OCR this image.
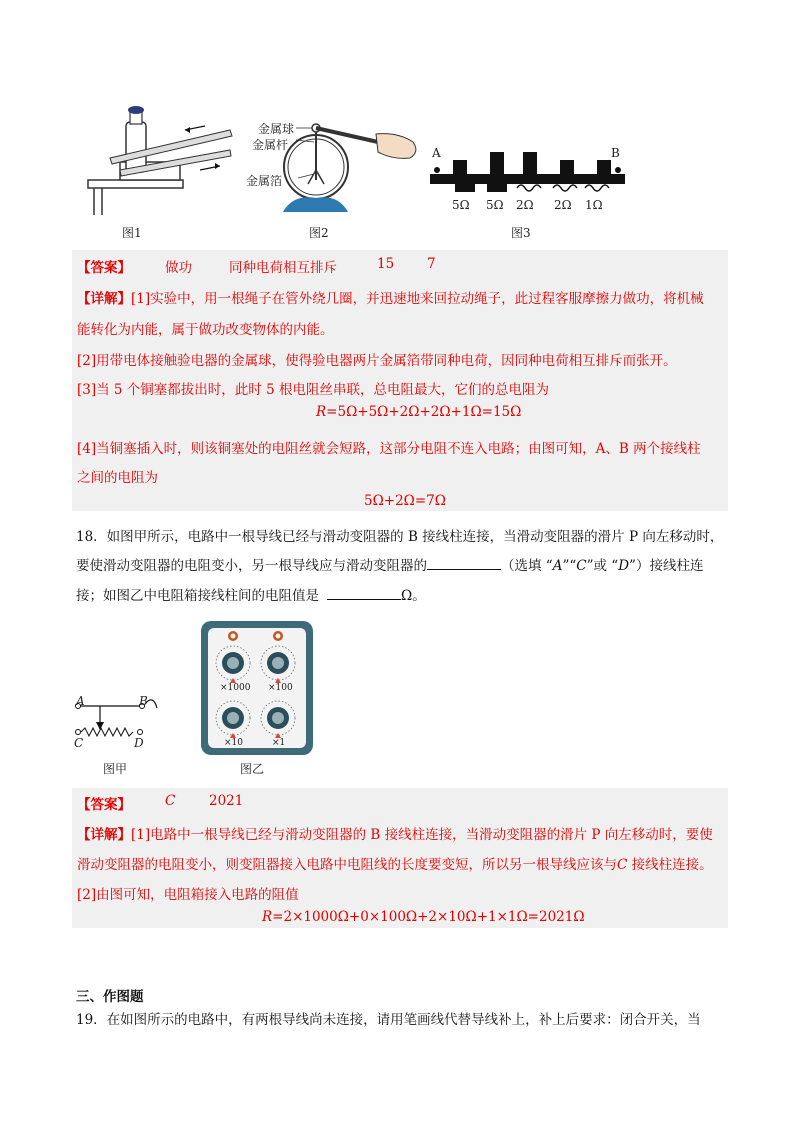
图1
金属球
金属杆
金属箔
图2
A	B
5Ω 5Ω 2Ω 2Ω 1Ω
图3
【答案】	做功	同种电荷相互排斥	15 7
【详解】[1]实验中，用一根绳子在管外绕几圈，并迅速地来回拉动绳子，此过程客服摩擦力做功，将机械
能转化为内能，属于做功改变物体的内能。
[2]用带电体接触验电器的金属球，使得验电器两片金属箔带同种电荷，因同种电荷相互排斥而张开。
[3]当 5 个铜塞都拔出时，此时 5 根电阻丝串联，总电阻最大，它们的总电阻为
R=5Ω+5Ω+2Ω+2Ω+1Ω=15Ω
[4]当铜塞插入时，则该铜塞处的电阻丝就会短路，这部分电阻不连入电路；由图可知，A、B 两个接线柱
之间的电阻为
5Ω+2Ω=7Ω
18．如图甲所示，电路中一根导线已经与滑动变阻器的 B 接线柱连接，当滑动变阻器的滑片 P 向左移动时，
要使滑动变阻器的电阻变小，另一根导线应与滑动变阻器的	（选填 “A”“C”或 “D”）接线柱连
接；如图乙中电阻箱接线柱间的电阻值是	Ω。
A	B
C	D
图甲
×1000 ×100
×10	×1
图乙
【答案】	C 2021
【详解】[1]电路中一根导线已经与滑动变阻器的 B 接线柱连接，当滑动变阻器的滑片 P 向左移动时，要使
滑动变阻器的电阻变小，则变阻器接入电路中电阻线的长度要变短，所以另一根导线应该与C 接线柱连接。
[2]由图可知，电阻箱接入电路的阻值
R=2×1000Ω+0×100Ω+2×10Ω+1×1Ω=2021Ω
三、作图题
19．在如图所示的电路中，有两根导线尚未连接，请用笔画线代替导线补上，补上后要求：闭合开关，当
